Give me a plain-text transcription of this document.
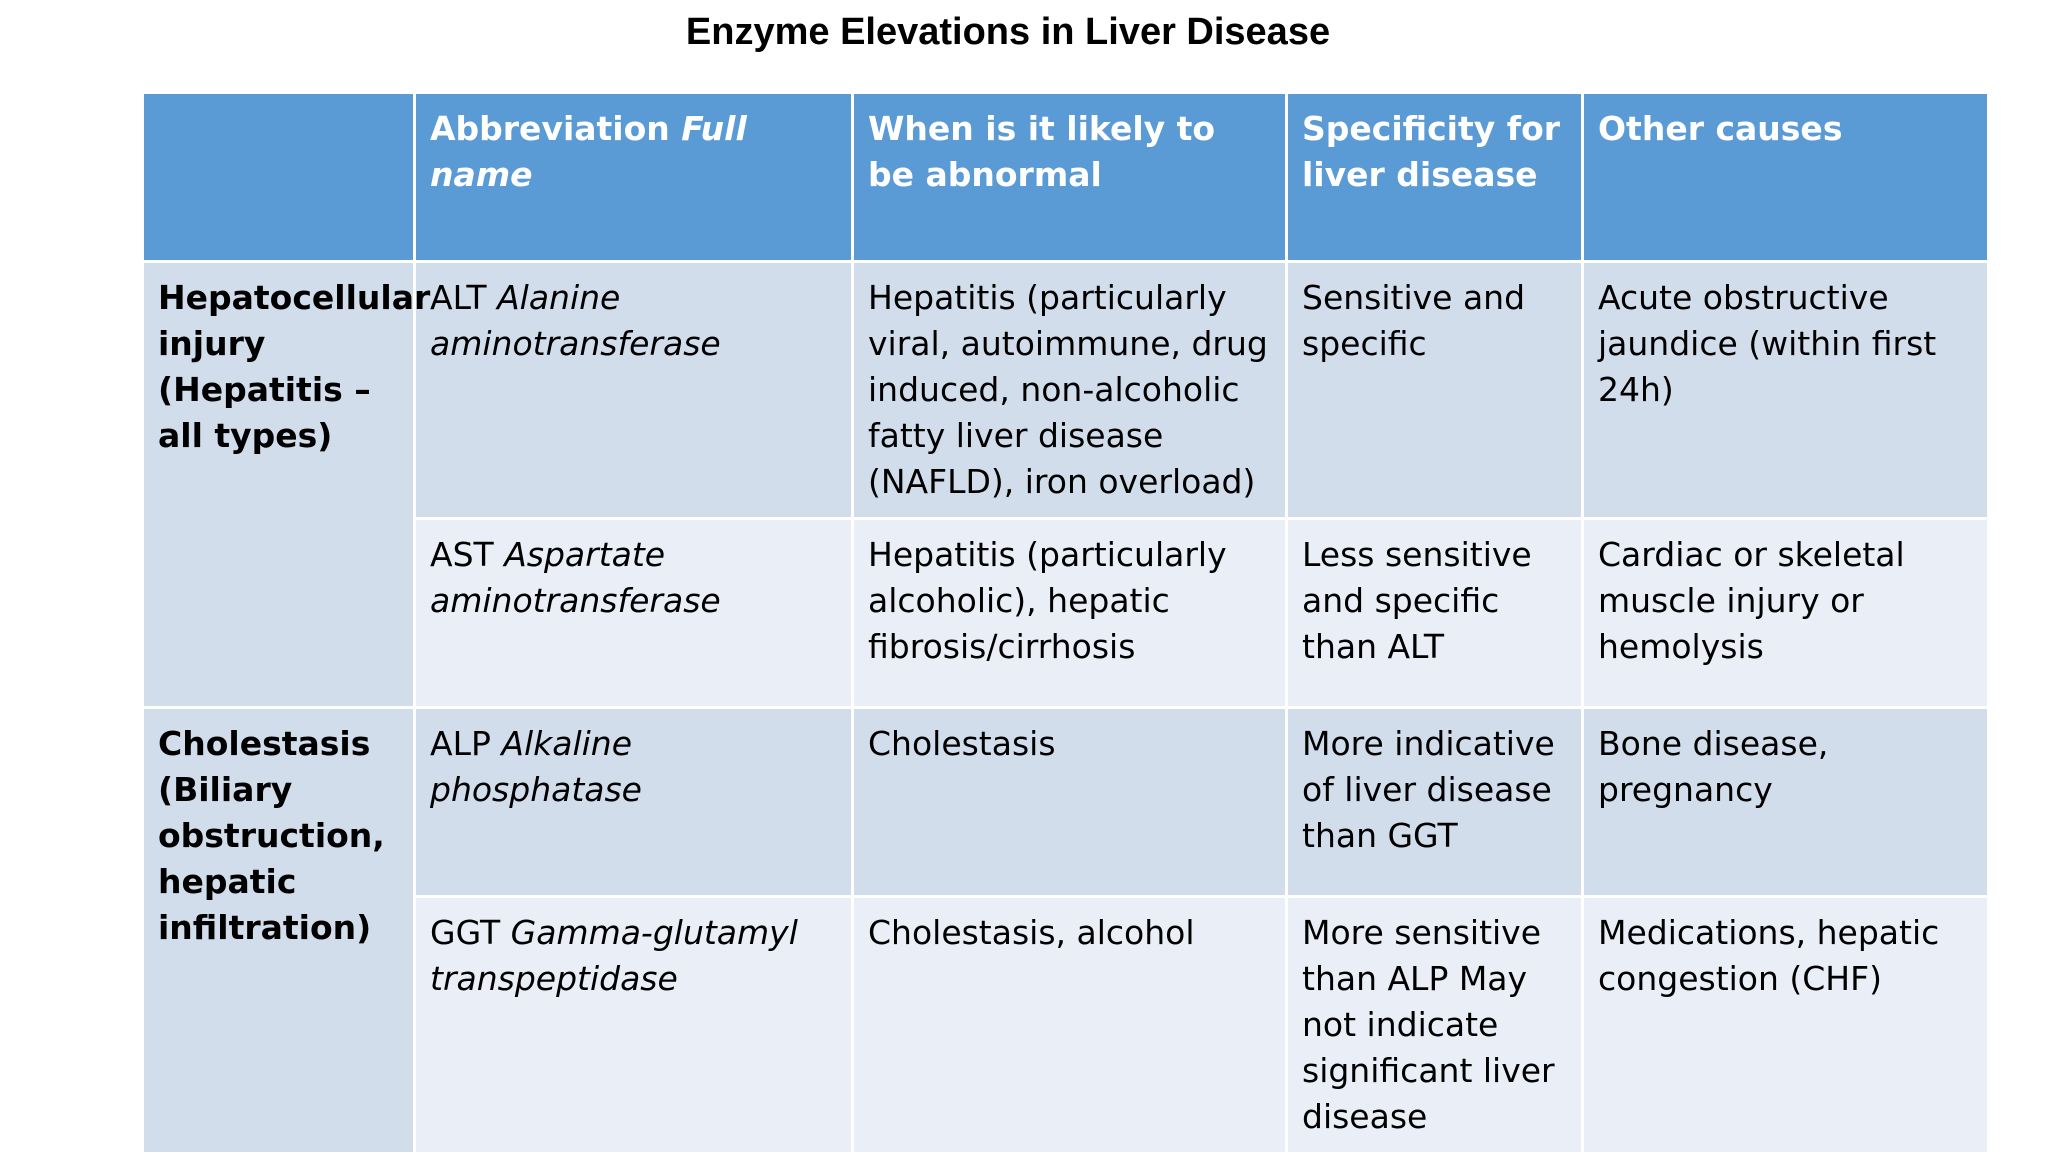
Enzyme Elevations in Liver Disease
	Abbreviation Full name	When is it likely to be abnormal	Specificity for liver disease	Other causes
Hepatocellular injury (Hepatitis – all types)	ALT Alanine aminotransferase	Hepatitis (particularly viral, autoimmune, drug induced, non-alcoholic fatty liver disease (NAFLD), iron overload)	Sensitive and specific	Acute obstructive jaundice (within first 24h)
	AST Aspartate aminotransferase	Hepatitis (particularly alcoholic), hepatic fibrosis/cirrhosis	Less sensitive and specific than ALT	Cardiac or skeletal muscle injury or hemolysis
Cholestasis (Biliary obstruction, hepatic infiltration)	ALP Alkaline phosphatase	Cholestasis	More indicative of liver disease than GGT	Bone disease, pregnancy
	GGT Gamma-glutamyl transpeptidase	Cholestasis, alcohol	More sensitive than ALP May not indicate significant liver disease	Medications, hepatic congestion (CHF)
